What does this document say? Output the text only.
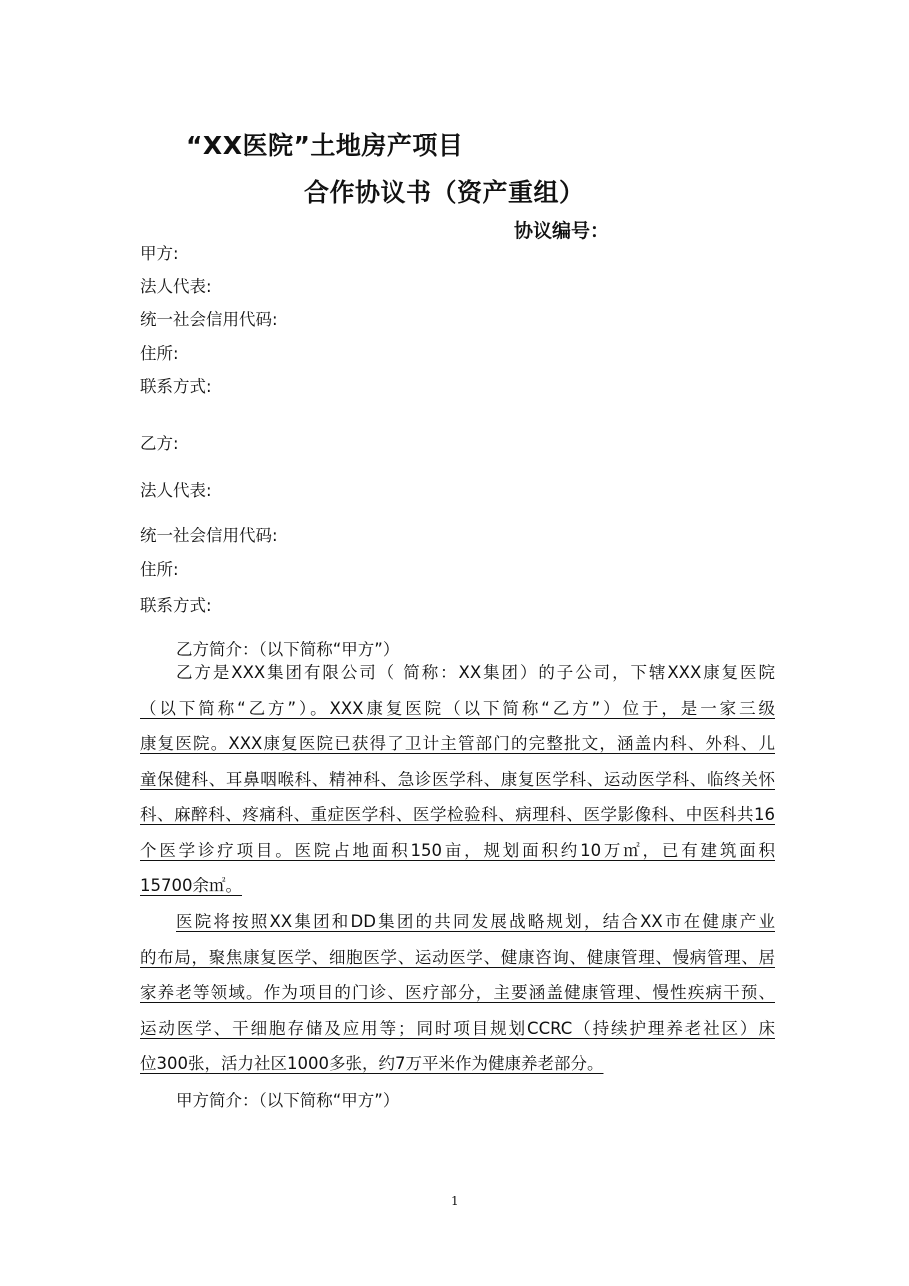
“XX医院”土地房产项目
合作协议书（资产重组）
协议编号：
甲方:
法人代表:
统一社会信用代码:
住所:
联系方式:
乙方:
法人代表:
统一社会信用代码:
住所:
联系方式:
乙方简介：（以下简称“甲方”）
乙方是XXX集团有限公司（ 简称：XX集团）的子公司，下辖XXX康复医院
（以下简称“乙方”）。XXX康复医院（以下简称“乙方”）位于，是一家三级
康复医院。XXX康复医院已获得了卫计主管部门的完整批文，涵盖内科、外科、儿
童保健科、耳鼻咽喉科、精神科、急诊医学科、康复医学科、运动医学科、临终关怀
科、麻醉科、疼痛科、重症医学科、医学检验科、病理科、医学影像科、中医科共16
个医学诊疗项目。医院占地面积150亩，规划面积约10万㎡，已有建筑面积
15700余㎡。
医院将按照XX集团和DD集团的共同发展战略规划，结合XX市在健康产业
的布局，聚焦康复医学、细胞医学、运动医学、健康咨询、健康管理、慢病管理、居
家养老等领域。作为项目的门诊、医疗部分，主要涵盖健康管理、慢性疾病干预、
运动医学、干细胞存储及应用等；同时项目规划CCRC（持续护理养老社区）床
位300张，活力社区1000多张，约7万平米作为健康养老部分。
甲方简介：（以下简称“甲方”）
1
